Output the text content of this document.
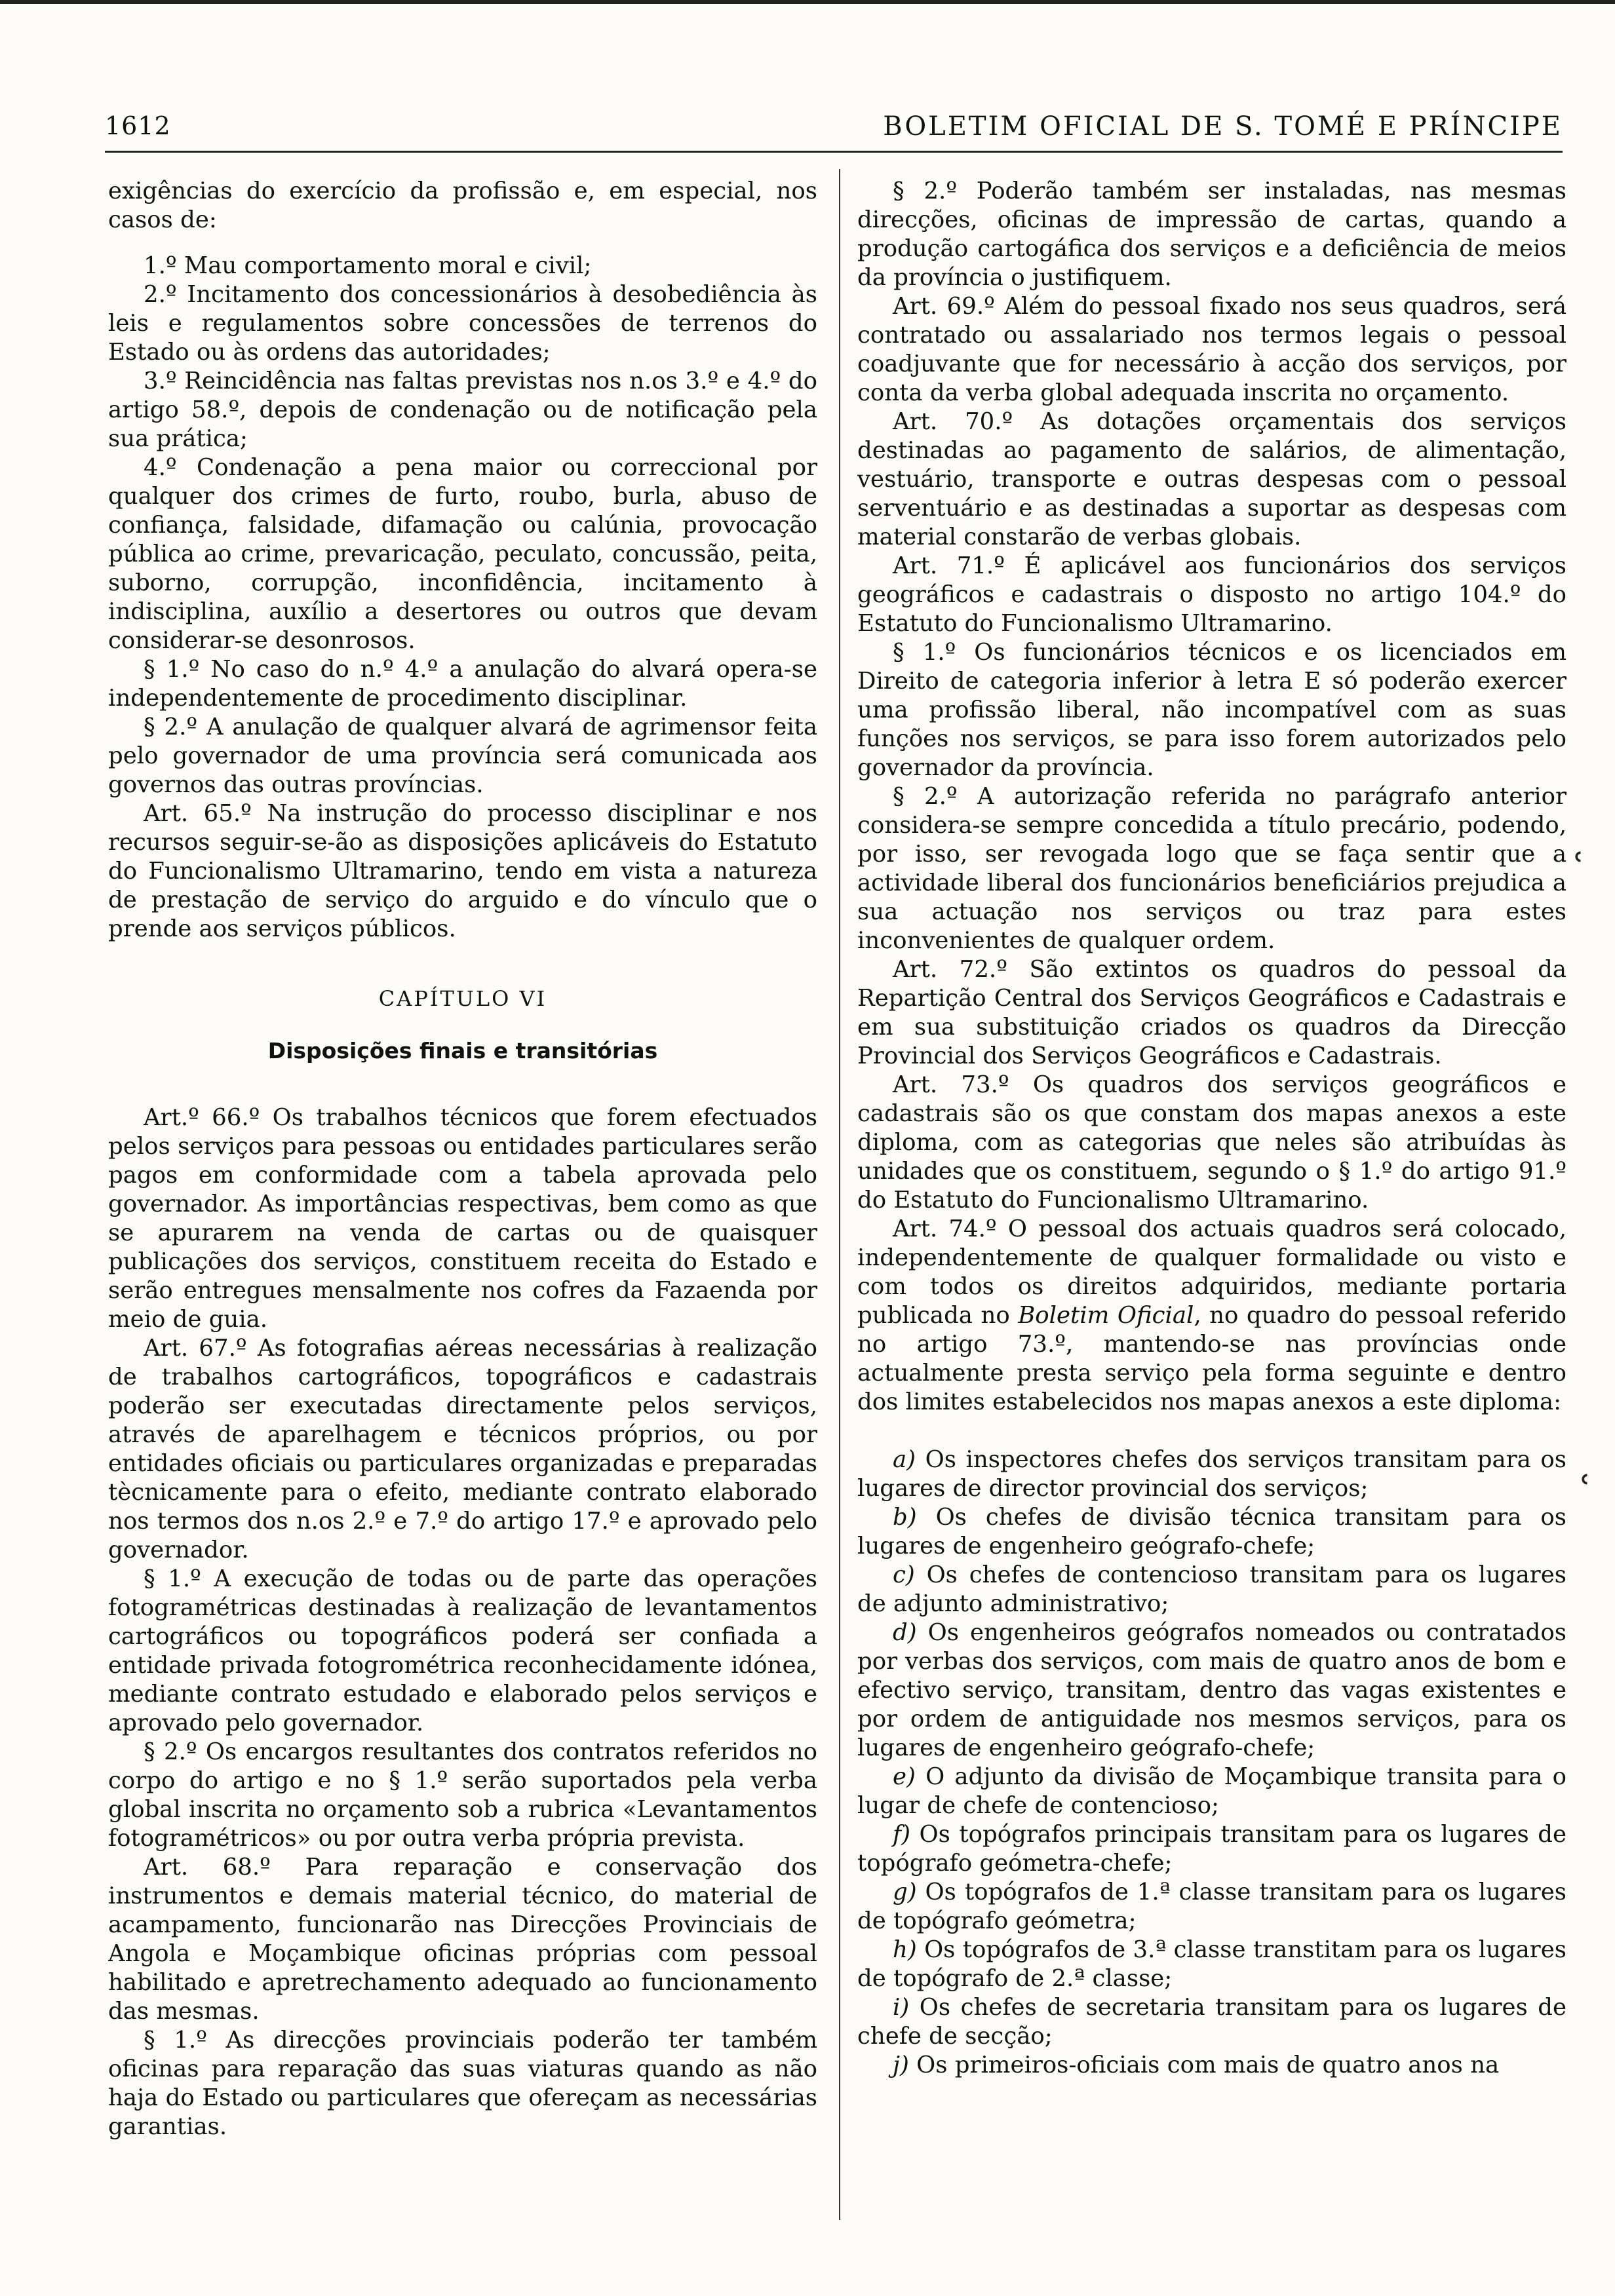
1612	BOLETIM OFICIAL DE S. TOMÉ E PRÍNCIPE

exigências do exercício da profissão e, em especial, nos casos de:

1.º Mau comportamento moral e civil;

2.º Incitamento dos concessionários à desobediência às leis e regulamentos sobre concessões de terrenos do Estado ou às ordens das autoridades;

3.º Reincidência nas faltas previstas nos n.os 3.º e 4.º do artigo 58.º, depois de condenação ou de notificação pela sua prática;

4.º Condenação a pena maior ou correccional por qualquer dos crimes de furto, roubo, burla, abuso de confiança, falsidade, difamação ou calúnia, provocação pública ao crime, prevaricação, peculato, concussão, peita, suborno, corrupção, inconfidência, incitamento à indisciplina, auxílio a desertores ou outros que devam considerar-se desonrosos.

§ 1.º No caso do n.º 4.º a anulação do alvará opera-se independentemente de procedimento disciplinar.

§ 2.º A anulação de qualquer alvará de agrimensor feita pelo governador de uma província será comunicada aos governos das outras províncias.

Art. 65.º Na instrução do processo disciplinar e nos recursos seguir-se-ão as disposições aplicáveis do Estatuto do Funcionalismo Ultramarino, tendo em vista a natureza de prestação de serviço do arguido e do vínculo que o prende aos serviços públicos.

CAPÍTULO VI
Disposições finais e transitórias

Art.º 66.º Os trabalhos técnicos que forem efectuados pelos serviços para pessoas ou entidades particulares serão pagos em conformidade com a tabela aprovada pelo governador. As importâncias respectivas, bem como as que se apurarem na venda de cartas ou de quaisquer publicações dos serviços, constituem receita do Estado e serão entregues mensalmente nos cofres da Fazaenda por meio de guia.

Art. 67.º As fotografias aéreas necessárias à realização de trabalhos cartográficos, topográficos e cadastrais poderão ser executadas directamente pelos serviços, através de aparelhagem e técnicos próprios, ou por entidades oficiais ou particulares organizadas e preparadas tècnicamente para o efeito, mediante contrato elaborado nos termos dos n.os 2.º e 7.º do artigo 17.º e aprovado pelo governador.

§ 1.º A execução de todas ou de parte das operações fotogramétricas destinadas à realização de levantamentos cartográficos ou topográficos poderá ser confiada a entidade privada fotogrométrica reconhecidamente idónea, mediante contrato estudado e elaborado pelos serviços e aprovado pelo governador.

§ 2.º Os encargos resultantes dos contratos referidos no corpo do artigo e no § 1.º serão suportados pela verba global inscrita no orçamento sob a rubrica «Levantamentos fotogramétricos» ou por outra verba própria prevista.

Art. 68.º Para reparação e conservação dos instrumentos e demais material técnico, do material de acampamento, funcionarão nas Direcções Provinciais de Angola e Moçambique oficinas próprias com pessoal habilitado e apretrechamento adequado ao funcionamento das mesmas.

§ 1.º As direcções provinciais poderão ter também oficinas para reparação das suas viaturas quando as não haja do Estado ou particulares que ofereçam as necessárias garantias.

§ 2.º Poderão também ser instaladas, nas mesmas direcções, oficinas de impressão de cartas, quando a produção cartogáfica dos serviços e a deficiência de meios da província o justifiquem.

Art. 69.º Além do pessoal fixado nos seus quadros, será contratado ou assalariado nos termos legais o pessoal coadjuvante que for necessário à acção dos serviços, por conta da verba global adequada inscrita no orçamento.

Art. 70.º As dotações orçamentais dos serviços destinadas ao pagamento de salários, de alimentação, vestuário, transporte e outras despesas com o pessoal serventuário e as destinadas a suportar as despesas com material constarão de verbas globais.

Art. 71.º É aplicável aos funcionários dos serviços geográficos e cadastrais o disposto no artigo 104.º do Estatuto do Funcionalismo Ultramarino.

§ 1.º Os funcionários técnicos e os licenciados em Direito de categoria inferior à letra E só poderão exercer uma profissão liberal, não incompatível com as suas funções nos serviços, se para isso forem autorizados pelo governador da província.

§ 2.º A autorização referida no parágrafo anterior considera-se sempre concedida a título precário, podendo, por isso, ser revogada logo que se faça sentir que a actividade liberal dos funcionários beneficiários prejudica a sua actuação nos serviços ou traz para estes inconvenientes de qualquer ordem.

Art. 72.º São extintos os quadros do pessoal da Repartição Central dos Serviços Geográficos e Cadastrais e em sua substituição criados os quadros da Direcção Provincial dos Serviços Geográficos e Cadastrais.

Art. 73.º Os quadros dos serviços geográficos e cadastrais são os que constam dos mapas anexos a este diploma, com as categorias que neles são atribuídas às unidades que os constituem, segundo o § 1.º do artigo 91.º do Estatuto do Funcionalismo Ultramarino.

Art. 74.º O pessoal dos actuais quadros será colocado, independentemente de qualquer formalidade ou visto e com todos os direitos adquiridos, mediante portaria publicada no Boletim Oficial, no quadro do pessoal referido no artigo 73.º, mantendo-se nas províncias onde actualmente presta serviço pela forma seguinte e dentro dos limites estabelecidos nos mapas anexos a este diploma:

a) Os inspectores chefes dos serviços transitam para os lugares de director provincial dos serviços;

b) Os chefes de divisão técnica transitam para os lugares de engenheiro geógrafo-chefe;

c) Os chefes de contencioso transitam para os lugares de adjunto administrativo;

d) Os engenheiros geógrafos nomeados ou contratados por verbas dos serviços, com mais de quatro anos de bom e efectivo serviço, transitam, dentro das vagas existentes e por ordem de antiguidade nos mesmos serviços, para os lugares de engenheiro geógrafo-chefe;

e) O adjunto da divisão de Moçambique transita para o lugar de chefe de contencioso;

f) Os topógrafos principais transitam para os lugares de topógrafo geómetra-chefe;

g) Os topógrafos de 1.ª classe transitam para os lugares de topógrafo geómetra;

h) Os topógrafos de 3.ª classe transtitam para os lugares de topógrafo de 2.ª classe;

i) Os chefes de secretaria transitam para os lugares de chefe de secção;

j) Os primeiros-oficiais com mais de quatro anos na

ʿ
ʿ
